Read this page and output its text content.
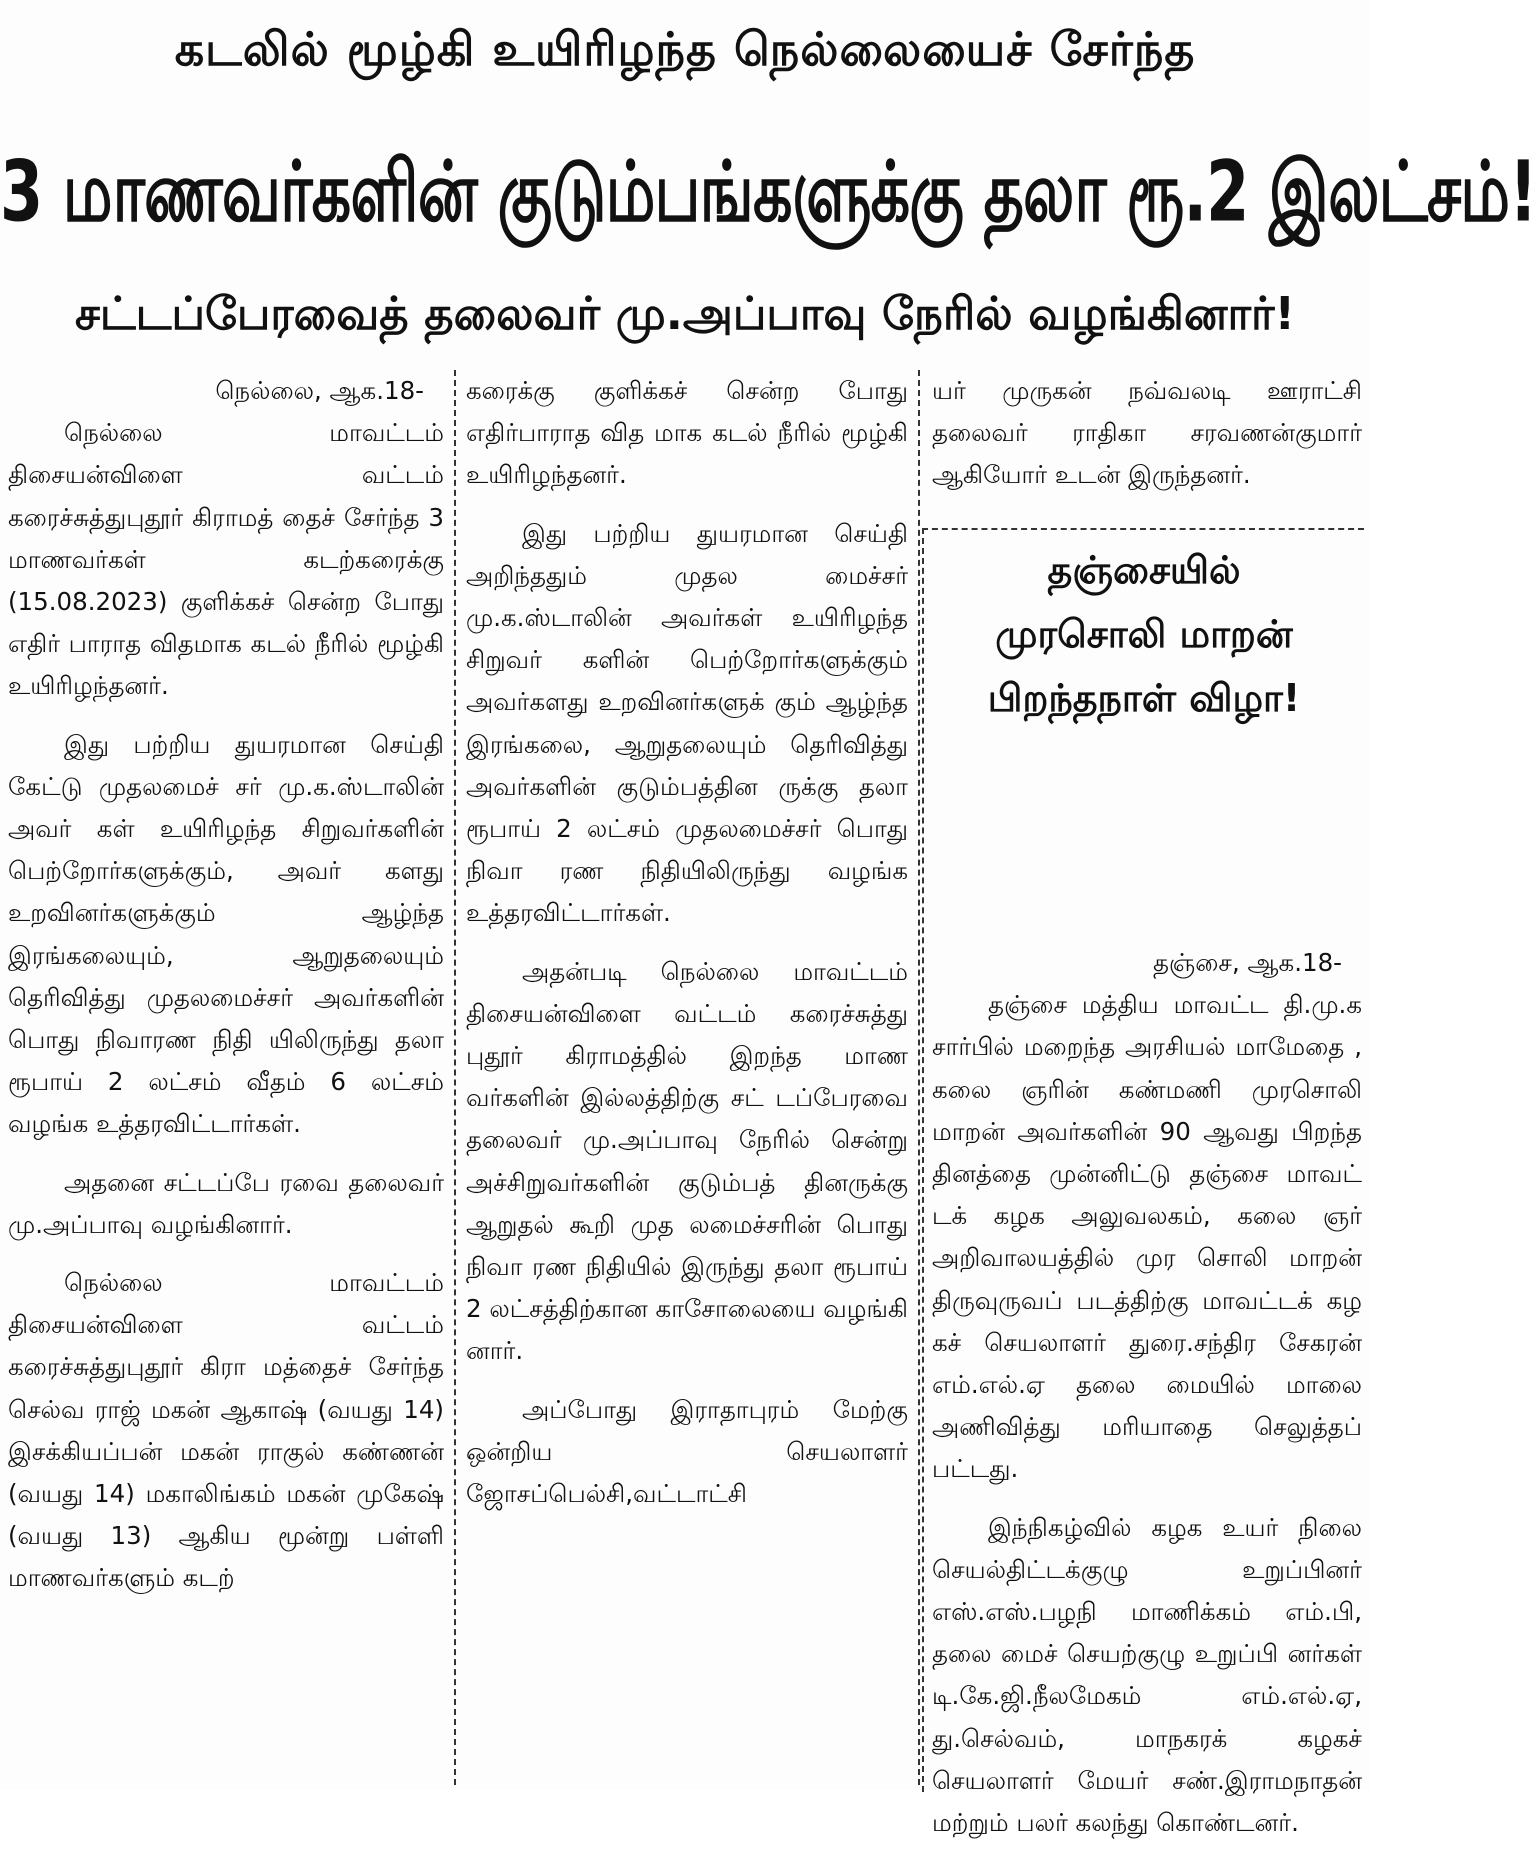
கடலில் மூழ்கி உயிரிழந்த நெல்லையைச் சேர்ந்த
3 மாணவர்களின் குடும்பங்களுக்கு தலா ரூ.2 இலட்சம்!
சட்டப்பேரவைத் தலைவர் மு.அப்பாவு நேரில் வழங்கினார்!
நெல்லை, ஆக.18-

நெல்லை மாவட்டம் திசையன்விளை வட்டம் கரைச்சுத்துபுதூர் கிராமத் தைச் சேர்ந்த 3 மாணவர்கள் கடற்கரைக்கு (15.08.2023) குளிக்கச் சென்ற போது எதிர் பாராத விதமாக கடல் நீரில் மூழ்கி உயிரிழந்தனர்.

இது பற்றிய துயரமான செய்தி கேட்டு முதலமைச் சர் மு.க.ஸ்டாலின் அவர் கள் உயிரிழந்த சிறுவர்களின் பெற்றோர்களுக்கும், அவர் களது உறவினர்களுக்கும் ஆழ்ந்த இரங்கலையும், ஆறுதலையும் தெரிவித்து முதலமைச்சர் அவர்களின் பொது நிவாரண நிதி யிலிருந்து தலா ரூபாய் 2 லட்சம் வீதம் 6 லட்சம் வழங்க உத்தரவிட்டார்கள்.

அதனை சட்டப்பே ரவை தலைவர் மு.அப்பாவு வழங்கினார்.

நெல்லை மாவட்டம் திசையன்விளை வட்டம் கரைச்சுத்துபுதூர் கிரா மத்தைச் சேர்ந்த செல்வ ராஜ் மகன் ஆகாஷ் (வயது 14) இசக்கியப்பன் மகன் ராகுல் கண்ணன் (வயது 14) மகாலிங்கம் மகன் முகேஷ் (வயது 13) ஆகிய மூன்று பள்ளி மாணவர்களும் கடற்

கரைக்கு குளிக்கச் சென்ற போது எதிர்பாராத வித மாக கடல் நீரில் மூழ்கி உயிரிழந்தனர்.

இது பற்றிய துயரமான செய்தி அறிந்ததும் முதல மைச்சர் மு.க.ஸ்டாலின் அவர்கள் உயிரிழந்த சிறுவர் களின் பெற்றோர்களுக்கும் அவர்களது உறவினர்களுக் கும் ஆழ்ந்த இரங்கலை, ஆறுதலையும் தெரிவித்து அவர்களின் குடும்பத்தின ருக்கு தலா ரூபாய் 2 லட்சம் முதலமைச்சர் பொது நிவா ரண நிதியிலிருந்து வழங்க உத்தரவிட்டார்கள்.

அதன்படி நெல்லை மாவட்டம் திசையன்விளை வட்டம் கரைச்சுத்து புதூர் கிராமத்தில் இறந்த மாண வர்களின் இல்லத்திற்கு சட் டப்பேரவை தலைவர் மு.அப்பாவு நேரில் சென்று அச்சிறுவர்களின் குடும்பத் தினருக்கு ஆறுதல் கூறி முத லமைச்சரின் பொது நிவா ரண நிதியில் இருந்து தலா ரூபாய் 2 லட்சத்திற்கான காசோலையை வழங்கி னார்.

அப்போது இராதாபுரம் மேற்கு ஒன்றிய செயலாளர் ஜோசப்பெல்சி,வட்டாட்சி

யர் முருகன் நவ்வலடி ஊராட்சி தலைவர் ராதிகா சரவணன்குமார் ஆகியோர் உடன் இருந்தனர்.

தஞ்சையில்
முரசொலி மாறன்
பிறந்தநாள் விழா!
தஞ்சை, ஆக.18-

தஞ்சை மத்திய மாவட்ட தி.மு.க சார்பில் மறைந்த அரசியல் மாமேதை , கலை ஞரின் கண்மணி முரசொலி மாறன் அவர்களின் 90 ஆவது பிறந்த தினத்தை முன்னிட்டு தஞ்சை மாவட் டக் கழக அலுவலகம், கலை ஞர் அறிவாலயத்தில் முர சொலி மாறன் திருவுருவப் படத்திற்கு மாவட்டக் கழ கச் செயலாளர் துரை.சந்திர சேகரன் எம்.எல்.ஏ தலை மையில் மாலை அணிவித்து மரியாதை செலுத்தப் பட்டது.

இந்நிகழ்வில் கழக உயர் நிலை செயல்திட்டக்குழு உறுப்பினர் எஸ்.எஸ்.பழநி மாணிக்கம் எம்.பி, தலை மைச் செயற்குழு உறுப்பி னர்கள் டி.கே.ஜி.நீலமேகம் எம்.எல்.ஏ, து.செல்வம், மாநகரக் கழகச் செயலாளர் மேயர் சண்.இராமநாதன் மற்றும் பலர் கலந்து கொண்டனர்.
